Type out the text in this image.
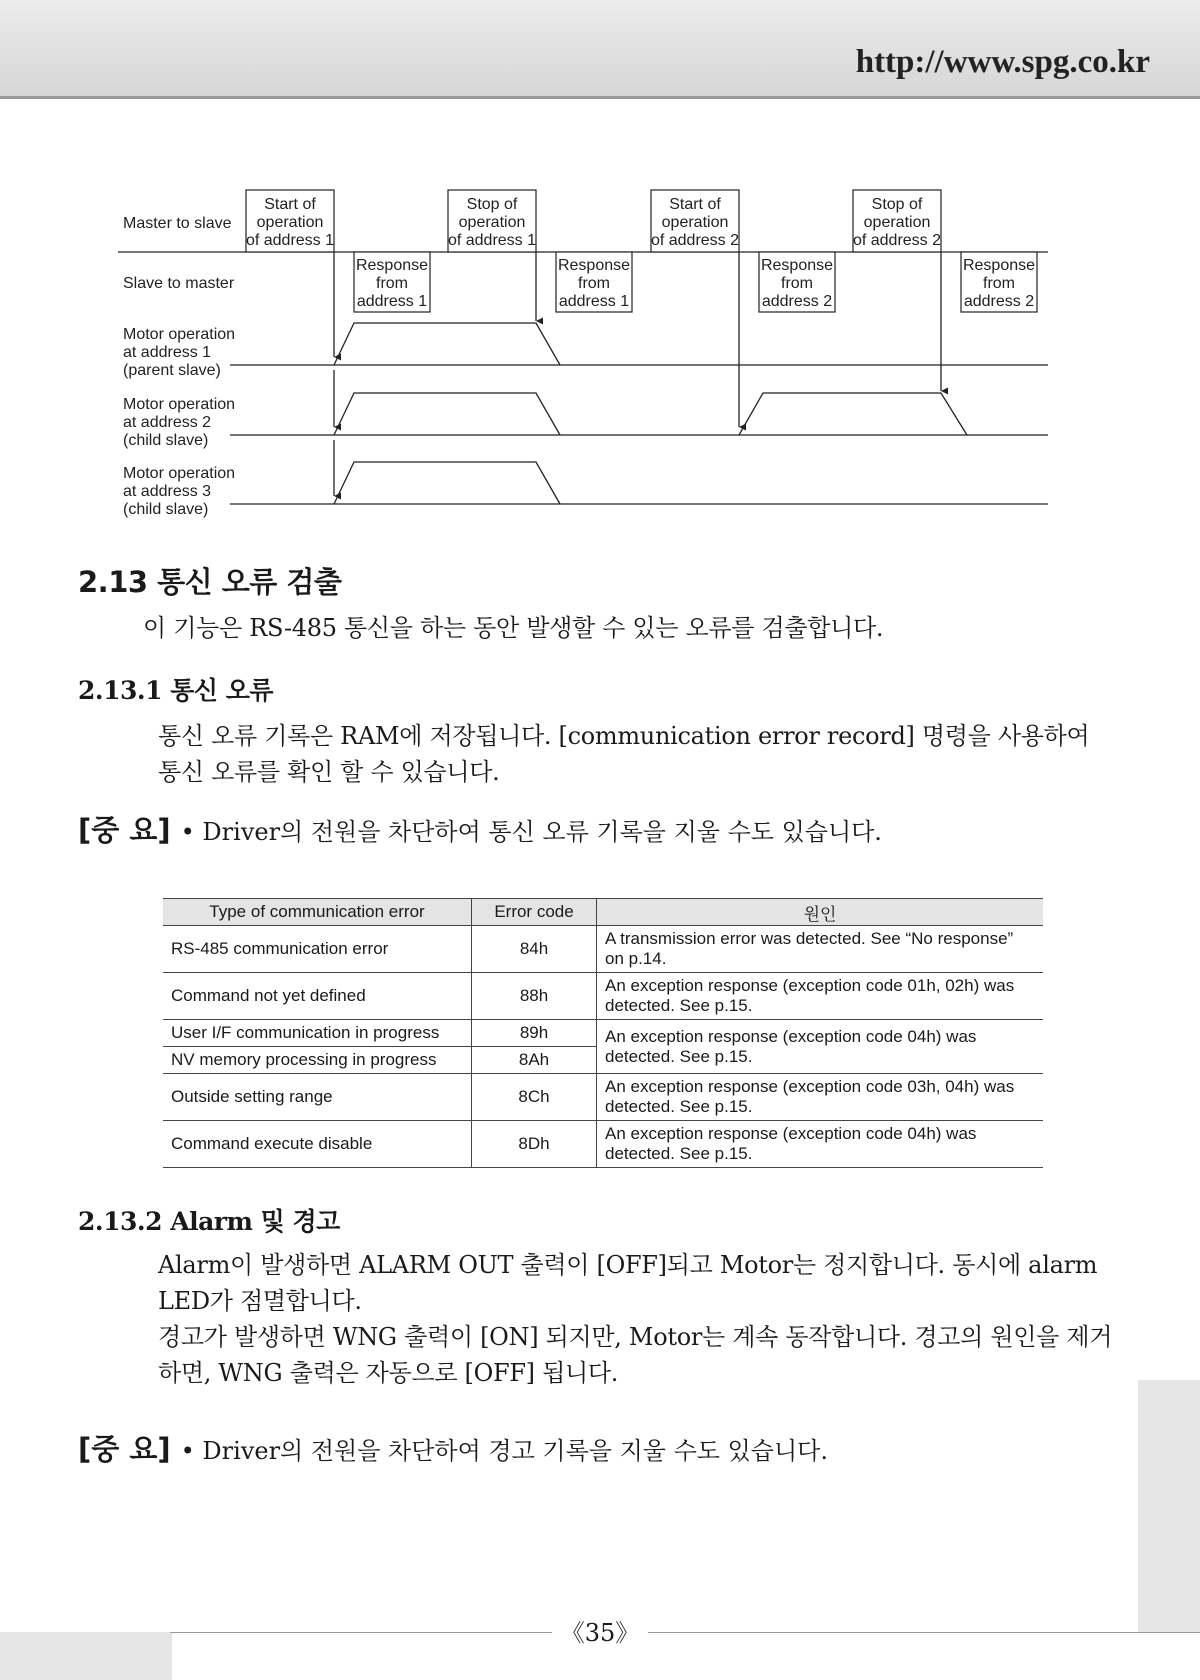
http://www.spg.co.kr
Master to slave
Slave to master
Motor operation
at address 1
(parent slave)
Motor operation
at address 2
(child slave)
Motor operation
at address 3
(child slave)
Start of
operation
of address 1
Stop of
operation
of address 1
Start of
operation
of address 2
Stop of
operation
of address 2
Response
from
address 1
Response
from
address 1
Response
from
address 2
Response
from
address 2
2.13 통신 오류 검출

이 기능은 RS-485 통신을 하는 동안 발생할 수 있는 오류를 검출합니다.

2.13.1 통신 오류

통신 오류 기록은 RAM에 저장됩니다. [communication error record] 명령을 사용하여

통신 오류를 확인 할 수 있습니다.

[중 요] • Driver의 전원을 차단하여 통신 오류 기록을 지울 수도 있습니다.
Type of communication error	Error code	원인
RS-485 communication error	84h	A transmission error was detected. See “No response” on p.14.
Command not yet defined	88h	An exception response (exception code 01h, 02h) was detected. See p.15.
User I/F communication in progress	89h	An exception response (exception code 04h) was detected. See p.15.
NV memory processing in progress	8Ah	
Outside setting range	8Ch	An exception response (exception code 03h, 04h) was detected. See p.15.
Command execute disable	8Dh	An exception response (exception code 04h) was detected. See p.15.
2.13.2 Alarm 및 경고

Alarm이 발생하면 ALARM OUT 출력이 [OFF]되고 Motor는 정지합니다. 동시에 alarm

LED가 점멸합니다.

경고가 발생하면 WNG 출력이 [ON] 되지만, Motor는 계속 동작합니다. 경고의 원인을 제거

하면, WNG 출력은 자동으로 [OFF] 됩니다.

[중 요] • Driver의 전원을 차단하여 경고 기록을 지울 수도 있습니다.
《35》
